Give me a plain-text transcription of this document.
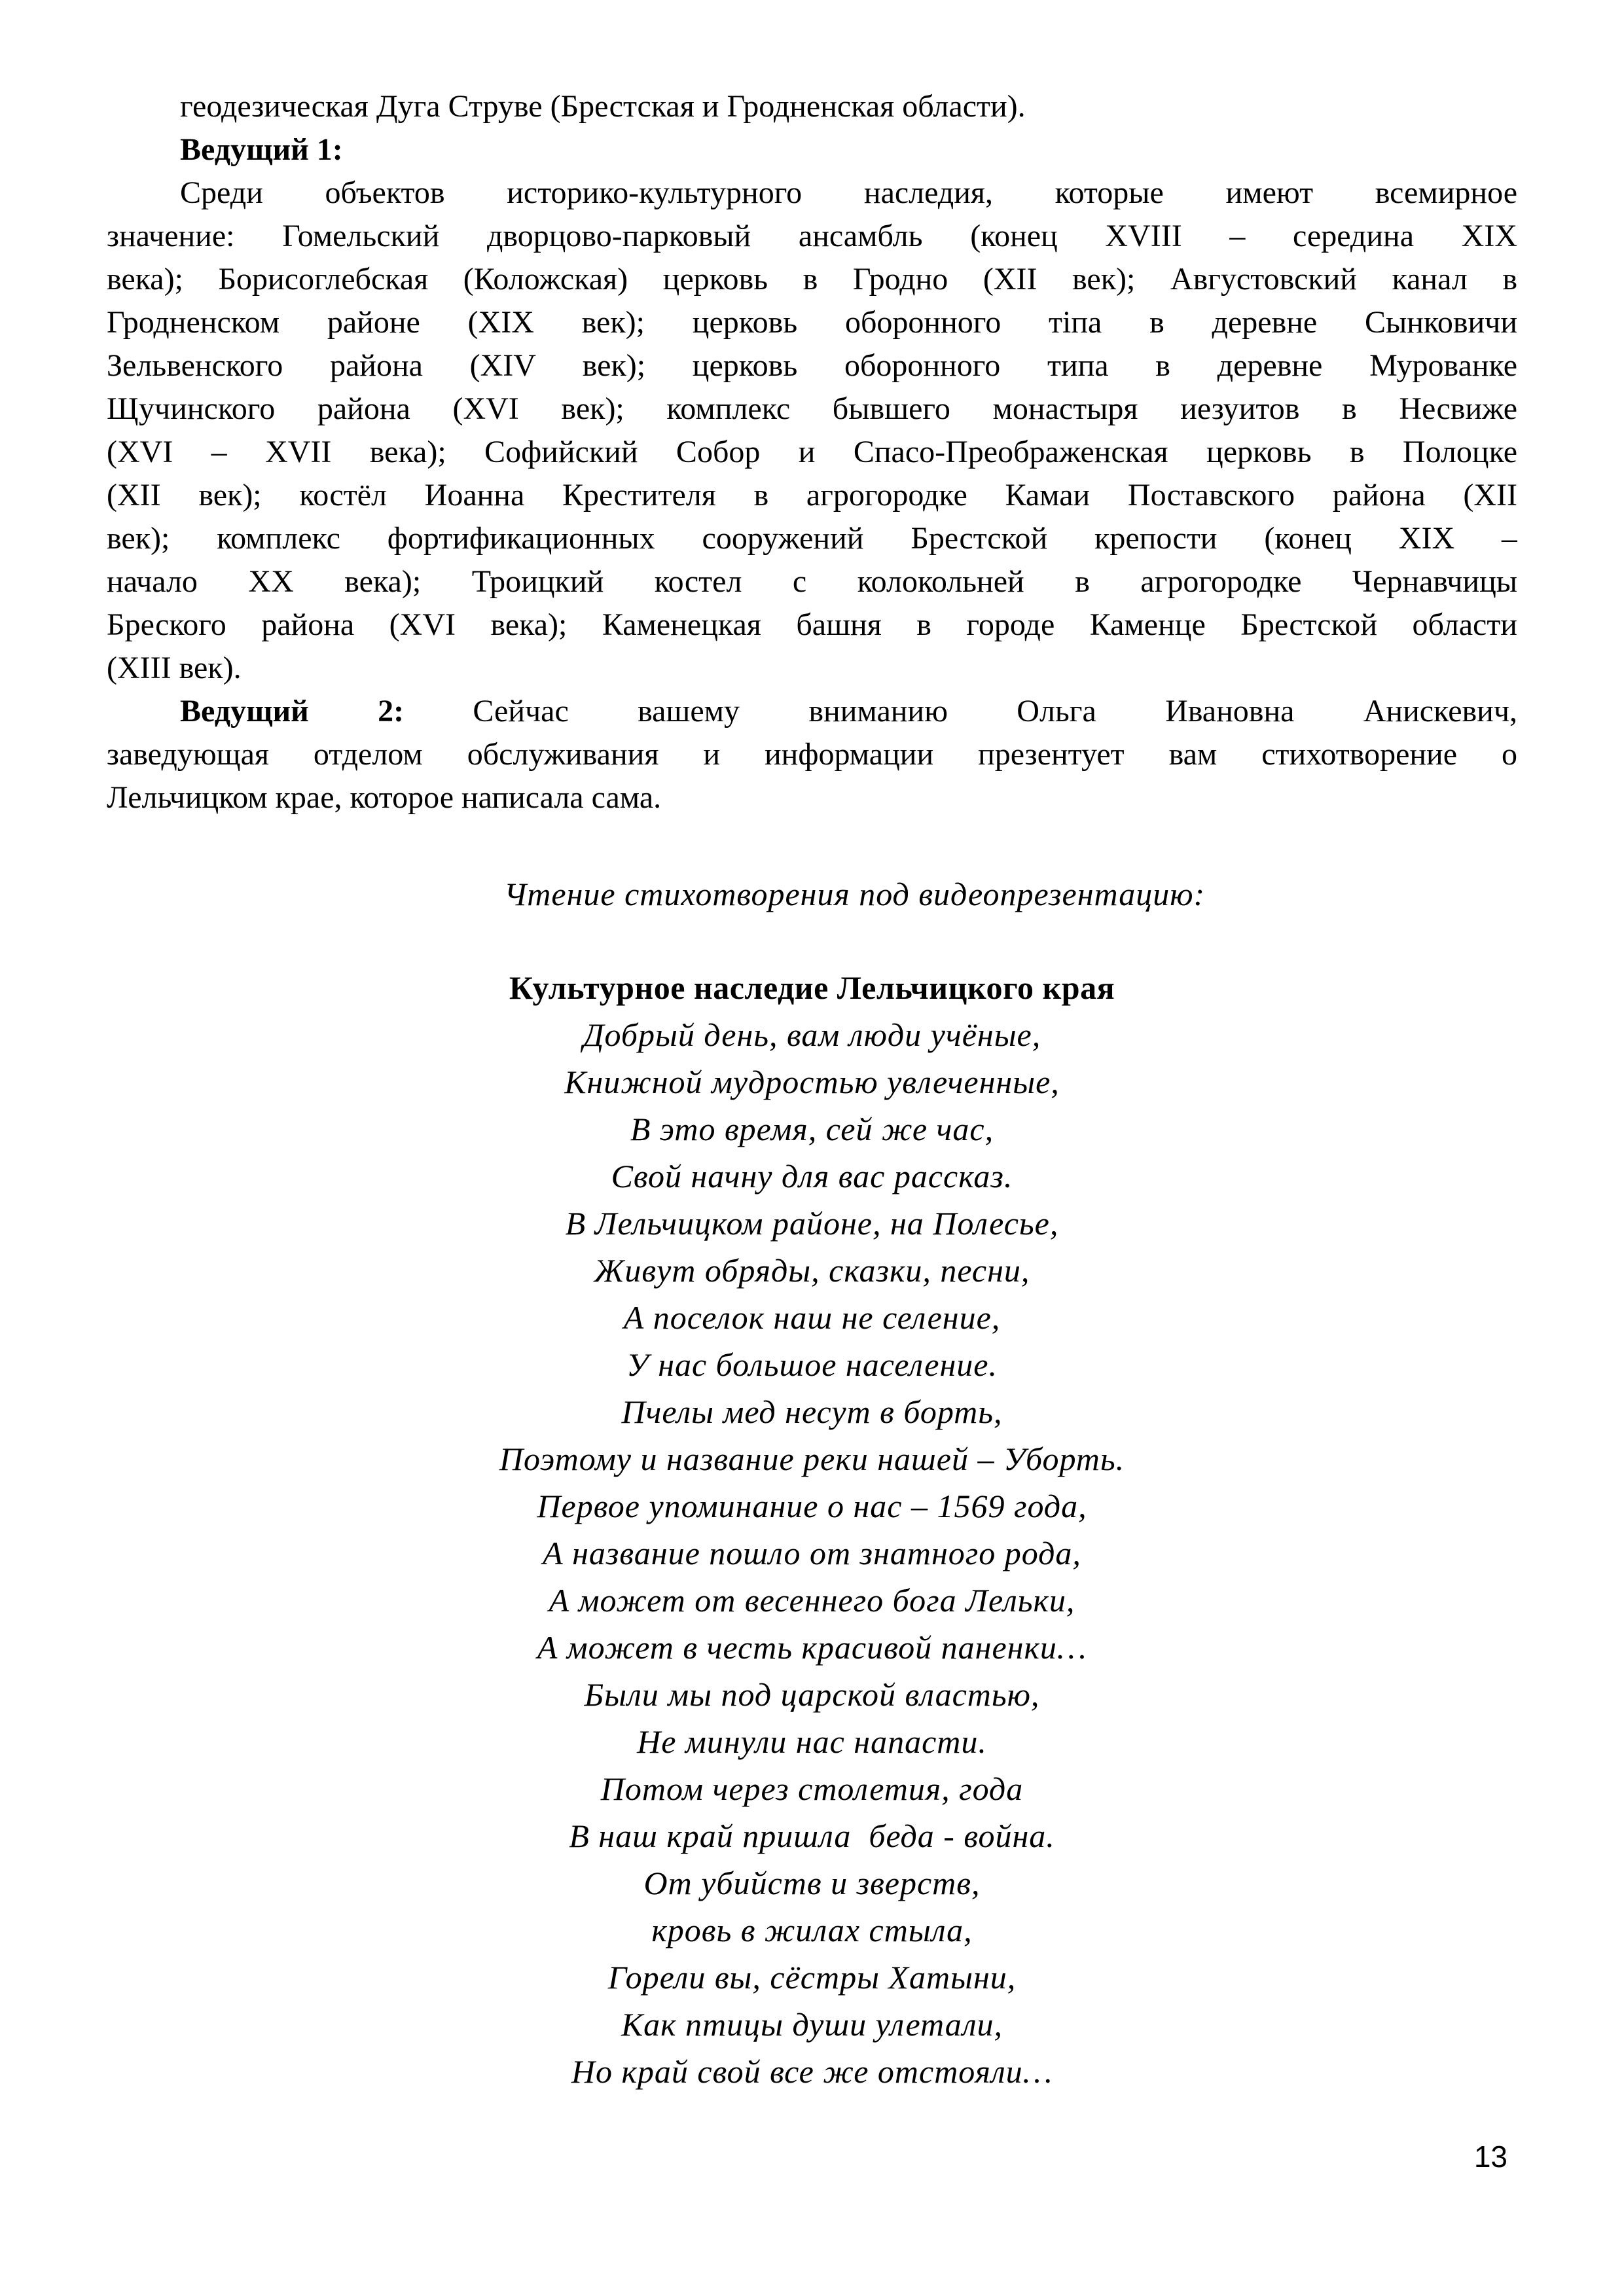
геодезическая Дуга Струве (Брестская и Гродненская области).
Ведущий 1:
Среди объектов историко-культурного наследия, которые имеют всемирное
значение: Гомельский дворцово-парковый ансамбль (конец XVIII – середина XIX
века); Борисоглебская (Коложская) церковь в Гродно (XII век); Августовский канал в
Гродненском районе (XIX век); церковь оборонного тіпа в деревне Сынковичи
Зельвенского района (XIV век); церковь оборонного типа в деревне Мурованке
Щучинского района (XVI век); комплекс бывшего монастыря иезуитов в Несвиже
(XVI – XVII века); Софийский Собор и Спасо-Преображенская церковь в Полоцке
(XII век); костёл Иоанна Крестителя в агрогородке Камаи Поставского района (XII
век); комплекс фортификационных сооружений Брестской крепости (конец XIX –
начало XX века); Троицкий костел с колокольней в агрогородке Чернавчицы
Бреского района (XVI века); Каменецкая башня в городе Каменце Брестской области
(XIII век).
Ведущий 2: Сейчас вашему вниманию Ольга Ивановна Анискевич,
заведующая отделом обслуживания и информации презентует вам стихотворение о
Лельчицком крае, которое написала сама.
Чтение стихотворения под видеопрезентацию:
Культурное наследие Лельчицкого края
Добрый день, вам люди учёные,
Книжной мудростью увлеченные,
В это время, сей же час,
Свой начну для вас рассказ.
В Лельчицком районе, на Полесье,
Живут обряды, сказки, песни,
А поселок наш не селение,
У нас большое население.
Пчелы мед несут в борть,
Поэтому и название реки нашей – Уборть.
Первое упоминание о нас – 1569 года,
А название пошло от знатного рода,
А может от весеннего бога Лельки,
А может в честь красивой паненки…
Были мы под царской властью,
Не минули нас напасти.
Потом через столетия, года
В наш край пришла  беда - война.
От убийств и зверств,
кровь в жилах стыла,
Горели вы, сёстры Хатыни,
Как птицы души улетали,
Но край свой все же отстояли…
13
